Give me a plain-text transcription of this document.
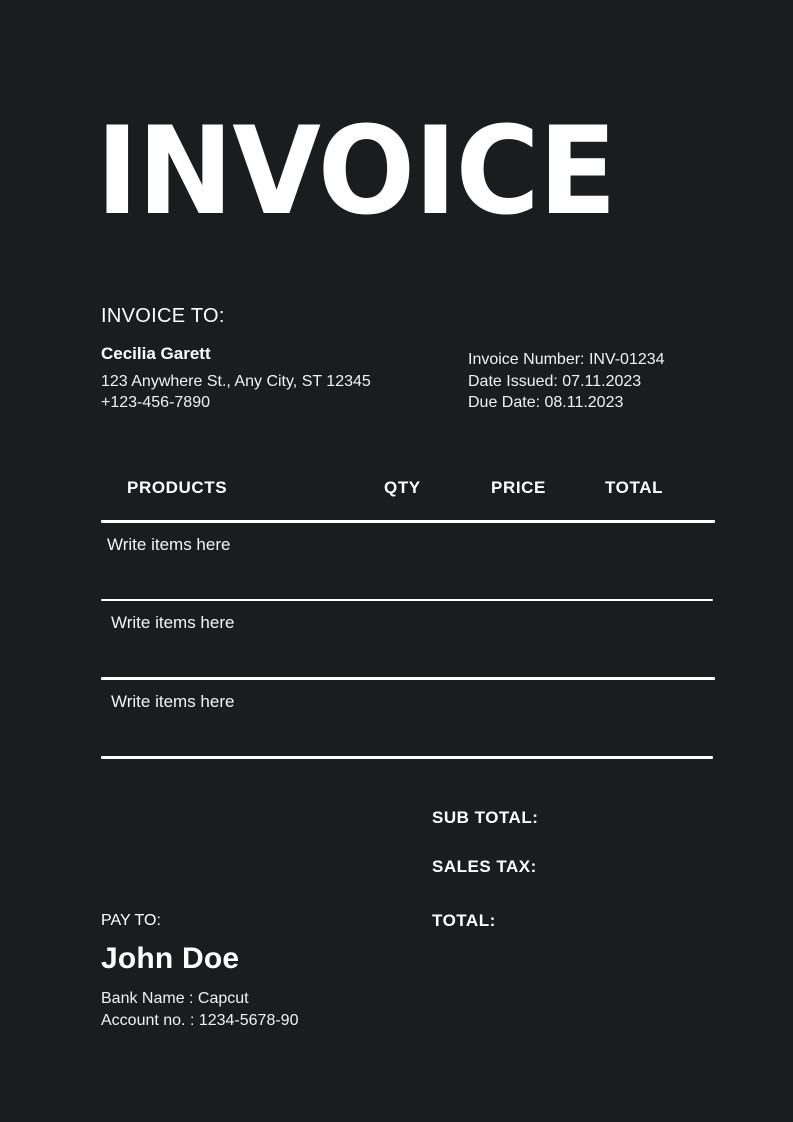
INVOICE
INVOICE TO:
Cecilia Garett
123 Anywhere St., Any City, ST 12345
+123-456-7890
Invoice Number: INV-01234
Date Issued: 07.11.2023
Due Date: 08.11.2023
PRODUCTS	QTY	PRICE	TOTAL
Write items here
Write items here
Write items here
SUB TOTAL:
SALES TAX:
TOTAL:
PAY TO:
John Doe
Bank Name : Capcut
Account no. : 1234-5678-90
